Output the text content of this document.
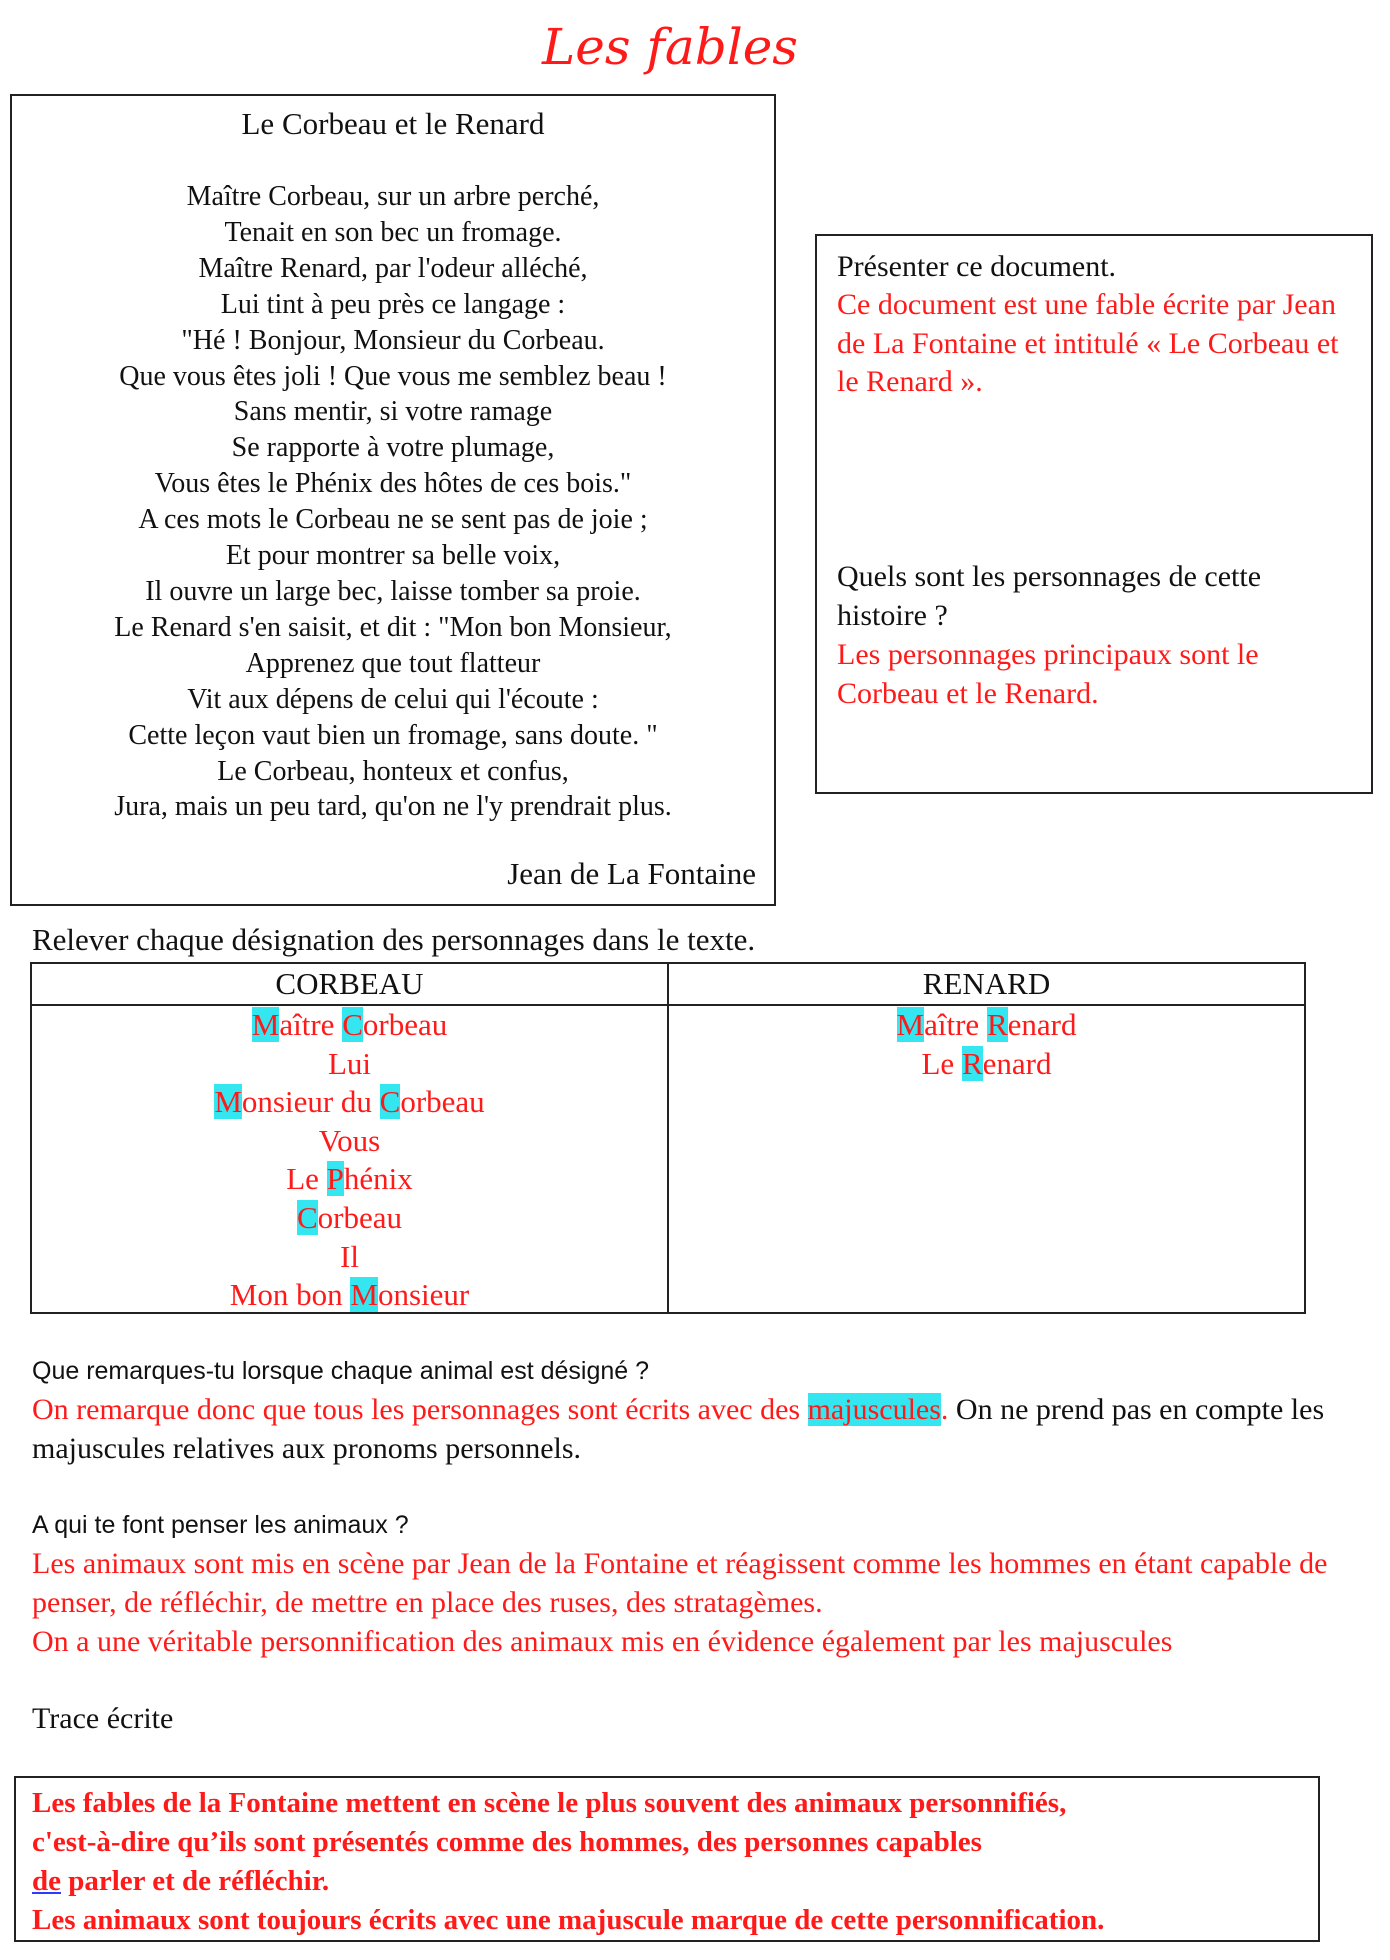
Les fables
Le Corbeau et le Renard
Maître Corbeau, sur un arbre perché,
Tenait en son bec un fromage.
Maître Renard, par l'odeur alléché,
Lui tint à peu près ce langage :
"Hé ! Bonjour, Monsieur du Corbeau.
Que vous êtes joli ! Que vous me semblez beau !
Sans mentir, si votre ramage
Se rapporte à votre plumage,
Vous êtes le Phénix des hôtes de ces bois."
A ces mots le Corbeau ne se sent pas de joie ;
Et pour montrer sa belle voix,
Il ouvre un large bec, laisse tomber sa proie.
Le Renard s'en saisit, et dit : "Mon bon Monsieur,
Apprenez que tout flatteur
Vit aux dépens de celui qui l'écoute :
Cette leçon vaut bien un fromage, sans doute. "
Le Corbeau, honteux et confus,
Jura, mais un peu tard, qu'on ne l'y prendrait plus.
Jean de La Fontaine
Présenter ce document.
Ce document est une fable écrite par Jean de La Fontaine et intitulé « Le Corbeau et le Renard ».
Quels sont les personnages de cette histoire ?
Les personnages principaux sont le Corbeau et le Renard.
Relever chaque désignation des personnages dans le texte.
CORBEAU	RENARD
Maître Corbeau
Lui
Monsieur du Corbeau
Vous
Le Phénix
Corbeau
Il
Mon bon Monsieur
Maître Renard
Le Renard
Que remarques-tu lorsque chaque animal est désigné ?
On remarque donc que tous les personnages sont écrits avec des majuscules. On ne prend pas en compte les majuscules relatives aux pronoms personnels.
A qui te font penser les animaux ?
Les animaux sont mis en scène par Jean de la Fontaine et réagissent comme les hommes en étant capable de penser, de réfléchir, de mettre en place des ruses, des stratagèmes.
On a une véritable personnification des animaux mis en évidence également par les majuscules
Trace écrite
Les fables de la Fontaine mettent en scène le plus souvent des animaux personnifiés,
c'est-à-dire qu’ils sont présentés comme des hommes, des personnes capables
de parler et de réfléchir.
Les animaux sont toujours écrits avec une majuscule marque de cette personnification.
